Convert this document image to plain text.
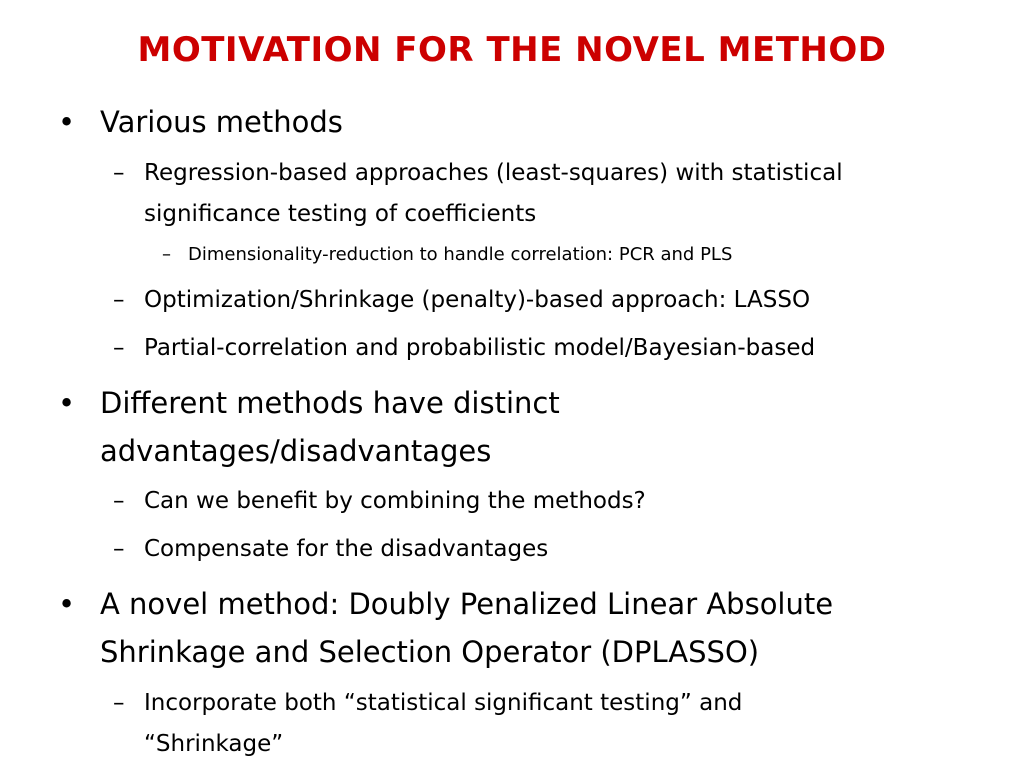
MOTIVATION FOR THE NOVEL METHOD
• Various methods
– Regression-based approaches (least-squares) with statistical
significance testing of coefficients
– Dimensionality-reduction to handle correlation: PCR and PLS
– Optimization/Shrinkage (penalty)-based approach: LASSO
– Partial-correlation and probabilistic model/Bayesian-based
• Different methods have distinct
advantages/disadvantages
– Can we benefit by combining the methods?
– Compensate for the disadvantages
• A novel method: Doubly Penalized Linear Absolute
Shrinkage and Selection Operator (DPLASSO)
– Incorporate both “statistical significant testing” and
“Shrinkage”
